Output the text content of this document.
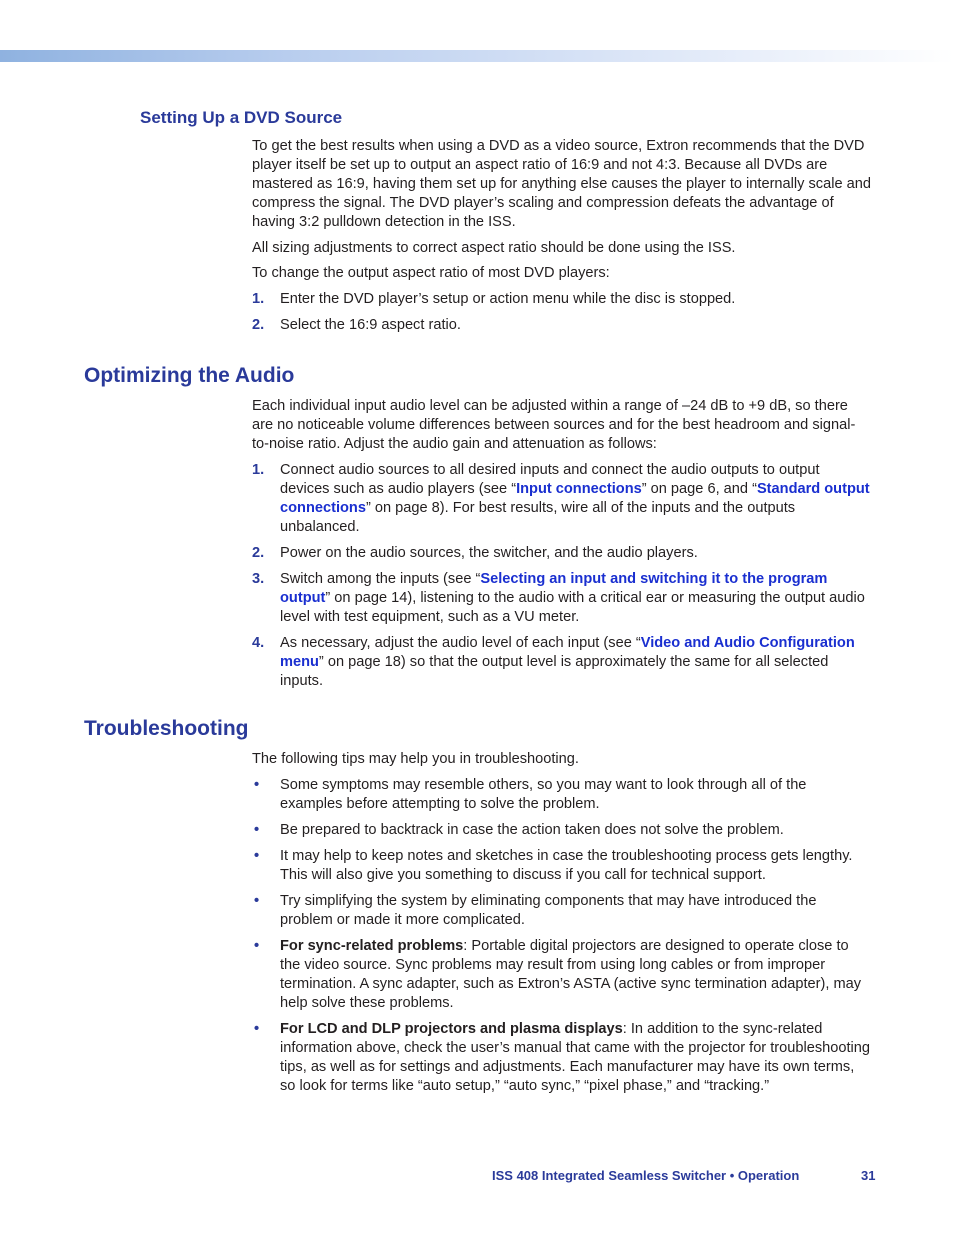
Setting Up a DVD Source

To get the best results when using a DVD as a video source, Extron recommends that the DVD player itself be set up to output an aspect ratio of 16:9 and not 4:3. Because all DVDs are mastered as 16:9, having them set up for anything else causes the player to internally scale and compress the signal. The DVD player’s scaling and compression defeats the advantage of having 3:2 pulldown detection in the ISS.

All sizing adjustments to correct aspect ratio should be done using the ISS.

To change the output aspect ratio of most DVD players:

1. Enter the DVD player’s setup or action menu while the disc is stopped.
2. Select the 16:9 aspect ratio.
Optimizing the Audio

Each individual input audio level can be adjusted within a range of –24 dB to +9 dB, so there are no noticeable volume differences between sources and for the best headroom and signal-to-noise ratio. Adjust the audio gain and attenuation as follows:

1. Connect audio sources to all desired inputs and connect the audio outputs to output devices such as audio players (see “Input connections” on page 6, and “Standard output connections” on page 8). For best results, wire all of the inputs and the outputs unbalanced.
2. Power on the audio sources, the switcher, and the audio players.
3. Switch among the inputs (see “Selecting an input and switching it to the program output” on page 14), listening to the audio with a critical ear or measuring the output audio level with test equipment, such as a VU meter.
4. As necessary, adjust the audio level of each input (see “Video and Audio Configuration menu” on page 18) so that the output level is approximately the same for all selected inputs.
Troubleshooting

The following tips may help you in troubleshooting.

• Some symptoms may resemble others, so you may want to look through all of the examples before attempting to solve the problem.
• Be prepared to backtrack in case the action taken does not solve the problem.
• It may help to keep notes and sketches in case the troubleshooting process gets lengthy. This will also give you something to discuss if you call for technical support.
• Try simplifying the system by eliminating components that may have introduced the problem or made it more complicated.
• For sync-related problems: Portable digital projectors are designed to operate close to the video source. Sync problems may result from using long cables or from improper termination. A sync adapter, such as Extron’s ASTA (active sync termination adapter), may help solve these problems.
• For LCD and DLP projectors and plasma displays: In addition to the sync-related information above, check the user’s manual that came with the projector for troubleshooting tips, as well as for settings and adjustments. Each manufacturer may have its own terms, so look for terms like “auto setup,” “auto sync,” “pixel phase,” and “tracking.”
ISS 408 Integrated Seamless Switcher • Operation	31
